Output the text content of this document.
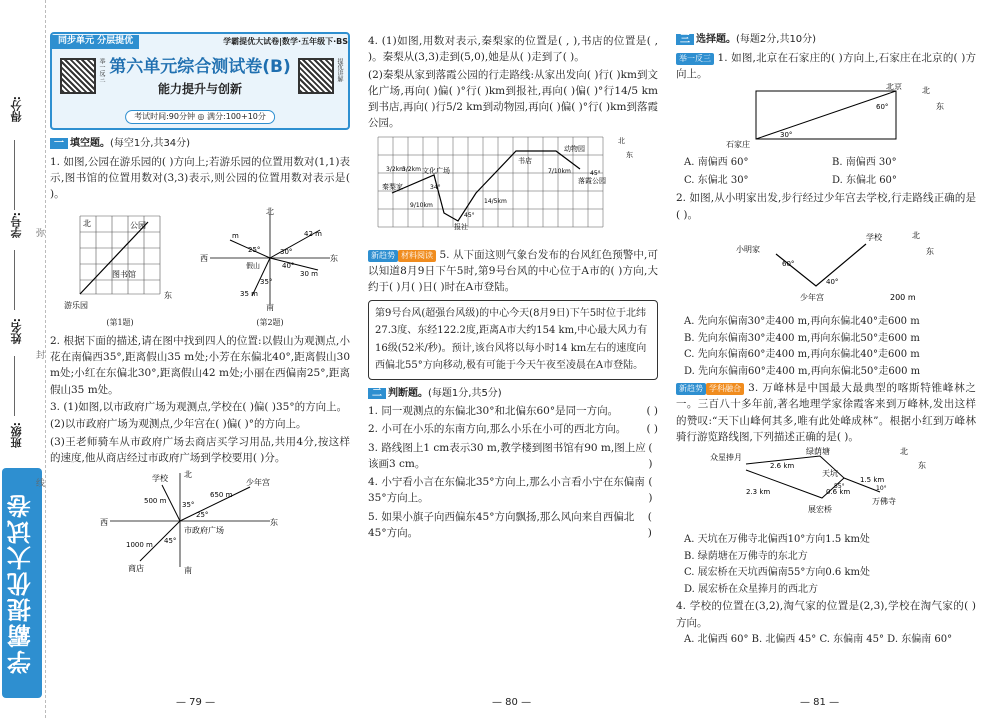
得分:
学号:
姓名:
班级:
学霸提优大试卷
弥
封
线
同步单元 分层提优	学霸提优大试卷|数学·五年级下·BS
举一反三	提优讲解
第六单元综合测试卷(B)
能力提升与创新
考试时间:90分钟 ◎ 满分:100+10分
一 填空题。(每空1分,共34分)

1. 如图,公园在游乐园的( )方向上;若游乐园的位置用数对(1,1)表示,图书馆的位置用数对(3,3)表示,则公园的位置用数对表示是( )。

北
东
公园
图书馆
游乐园
(第1题)
北
南
西	东
假山
25°	30°
40°
35°
42 m
30 m
35 m
m
(第2题)

2. 根据下面的描述,请在图中找到四人的位置:以假山为观测点,小花在南偏西35°,距离假山35 m处;小芳在东偏北40°,距离假山30 m处;小红在东偏北30°,距离假山42 m处;小丽在西偏南25°,距离假山35 m处。

3. (1)如图,以市政府广场为观测点,学校在( )偏( )35°的方向上。

(2)以市政府广场为观测点,少年宫在( )偏( )°的方向上。

(3)王老师骑车从市政府广场去商店买学习用品,共用4分,按这样的速度,他从商店经过市政府广场到学校要用( )分。

北
南
西	东
学校	少年宫
商店
市政府广场
500 m
650 m
1000 m
35°
25°
45°

4. (1)如图,用数对表示,秦梨家的位置是( , ),书店的位置是( , )。秦梨从(3,3)走到(5,0),她是从( )走到了( )。

(2)秦梨从家到落霞公园的行走路线:从家出发向( )行( )km到文化广场,再向( )偏( )°行( )km到报社,再向( )偏( )°行14/5 km到书店,再向( )行5/2 km到动物园,再向( )偏( )°行( )km到落霞公园。

文化广场
秦梨家
报社
书店
动物园
落霞公园
北
东
3/2km
9/10km
14/5km
7/10km
3/2km
34°
45°
45°

新趋势 材料阅读 5. 从下面这则气象台发布的台风红色预警中,可以知道8月9日下午5时,第9号台风的中心位于A市的( )方向,大约于( )月( )日( )时在A市登陆。

第9号台风(超强台风级)的中心今天(8月9日)下午5时位于北纬27.3度、东经122.2度,距离A市大约154 km,中心最大风力有16级(52米/秒)。预计,该台风将以每小时14 km左右的速度向西偏北55°方向移动,极有可能于今天午夜至凌晨在A市登陆。
二 判断题。(每题1分,共5分)
1. 同一观测点的东偏北30°和北偏东60°是同一方向。	( )
2. 小可在小乐的东南方向,那么小乐在小可的西北方向。 ( )
3. 路线图上1 cm表示30 m,教学楼到图书馆有90 m,图上应该画3 cm。
( )
4. 小宁看小言在东偏北35°方向上,那么小言看小宁在东偏南35°方向上。
( )
5. 如果小旗子向西偏东45°方向飘扬,那么风向来自西偏北45°方向。
( )
三 选择题。(每题2分,共10分)

举一反三 1. 如图,北京在石家庄的( )方向上,石家庄在北京的( )方向上。

北京
石家庄
北
东
60°
30°
A. 南偏西 60°	B. 南偏西 30°
C. 东偏北 30°	D. 东偏北 60°

2. 如图,从小明家出发,步行经过少年宫去学校,行走路线正确的是( )。

小明家
少年宫
学校	北
东
60°
40°
200 m
A. 先向东偏南30°走400 m,再向东偏北40°走600 m
B. 先向东偏南30°走400 m,再向东偏北50°走600 m
C. 先向东偏南60°走400 m,再向东偏北40°走600 m
D. 先向东偏南60°走400 m,再向东偏北50°走600 m

新趋势 学科融合 3. 万峰林是中国最大最典型的喀斯特锥峰林之一。三百八十多年前,著名地理学家徐霞客来到万峰林,发出这样的赞叹:“天下山峰何其多,唯有此处峰成林”。根据小红到万峰林骑行游览路线图,下列描述正确的是( )。

众星捧月
绿荫塘
天坑
万佛寺
展宏桥
北
东
2.6 km
2.3 km
1.5 km
0.6 km
55°	10°
A. 天坑在万佛寺北偏西10°方向1.5 km处
B. 绿荫塘在万佛寺的东北方
C. 展宏桥在天坑西偏南55°方向0.6 km处
D. 展宏桥在众星捧月的西北方

4. 学校的位置在(3,2),淘气家的位置是(2,3),学校在淘气家的( )方向。

A. 北偏西 60° B. 北偏西 45° C. 东偏南 45° D. 东偏南 60°
— 79 —	— 80 —	— 81 —
